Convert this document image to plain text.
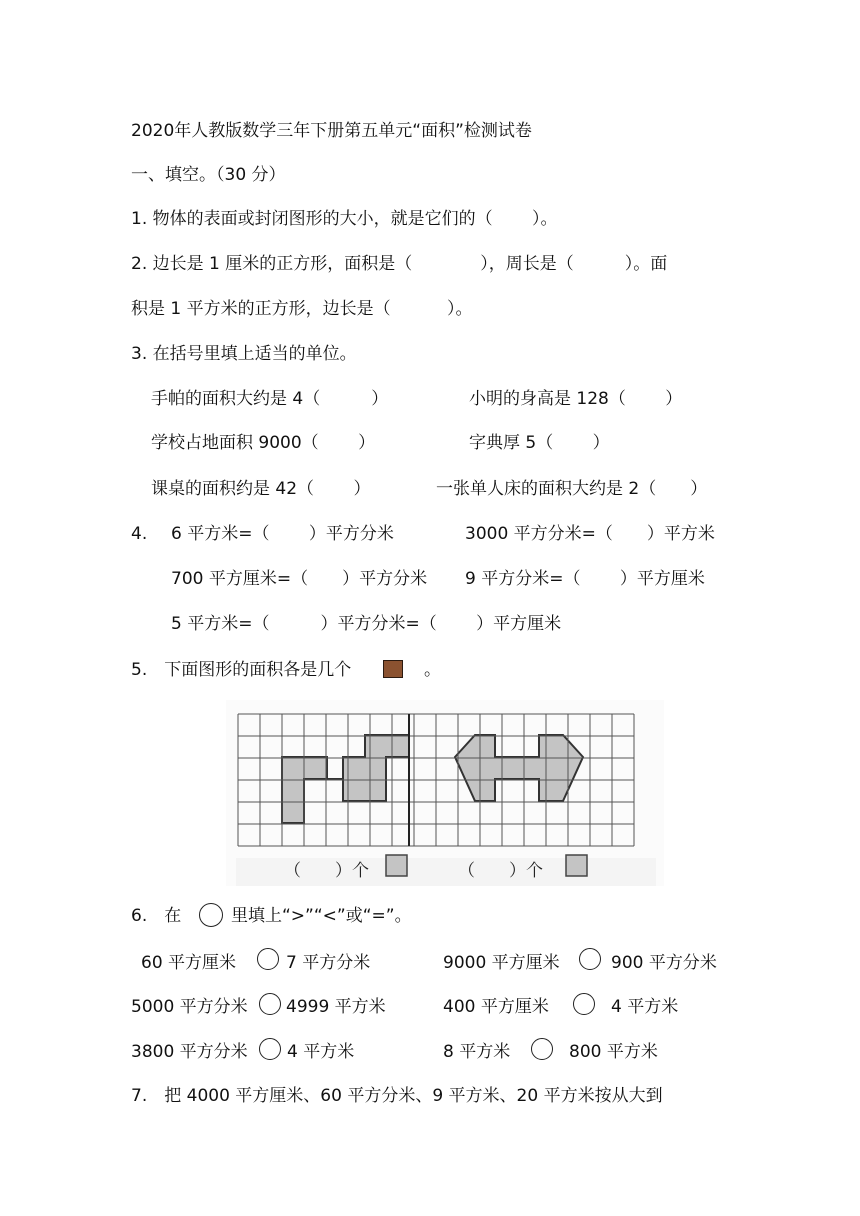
2020年人教版数学三年下册第五单元“面积”检测试卷
一、填空。（30 分）
1. 物体的表面或封闭图形的大小，就是它们的（　　 ）。
2. 边长是 1 厘米的正方形，面积是（　　　　），周长是（　　　）。面
积是 1 平方米的正方形，边长是（　　　 ）。
3. 在括号里填上适当的单位。
手帕的面积大约是 4（　　　）	小明的身高是 128（　　 ）
学校占地面积 9000（　　 ）	字典厚 5（　　 ）
课桌的面积约是 42（　　 ）	一张单人床的面积大约是 2（　　）
4. 6 平方米=（　　 ）平方分米	3000 平方分米=（　　）平方米
700 平方厘米=（　　）平方分米 9 平方分米=（　　 ）平方厘米
5 平方米=（　　　）平方分米=（　　 ）平方厘米
5.　下面图形的面积各是几个	。
（　　）个	（　　）个
6.　在	里填上“>”“<”或“=”。
60 平方厘米	7 平方分米	9000 平方厘米	900 平方分米
5000 平方分米 4999 平方米	400 平方厘米	4 平方米
3800 平方分米 4 平方米	8 平方米	800 平方米
7.　把 4000 平方厘米、60 平方分米、9 平方米、20 平方米按从大到
